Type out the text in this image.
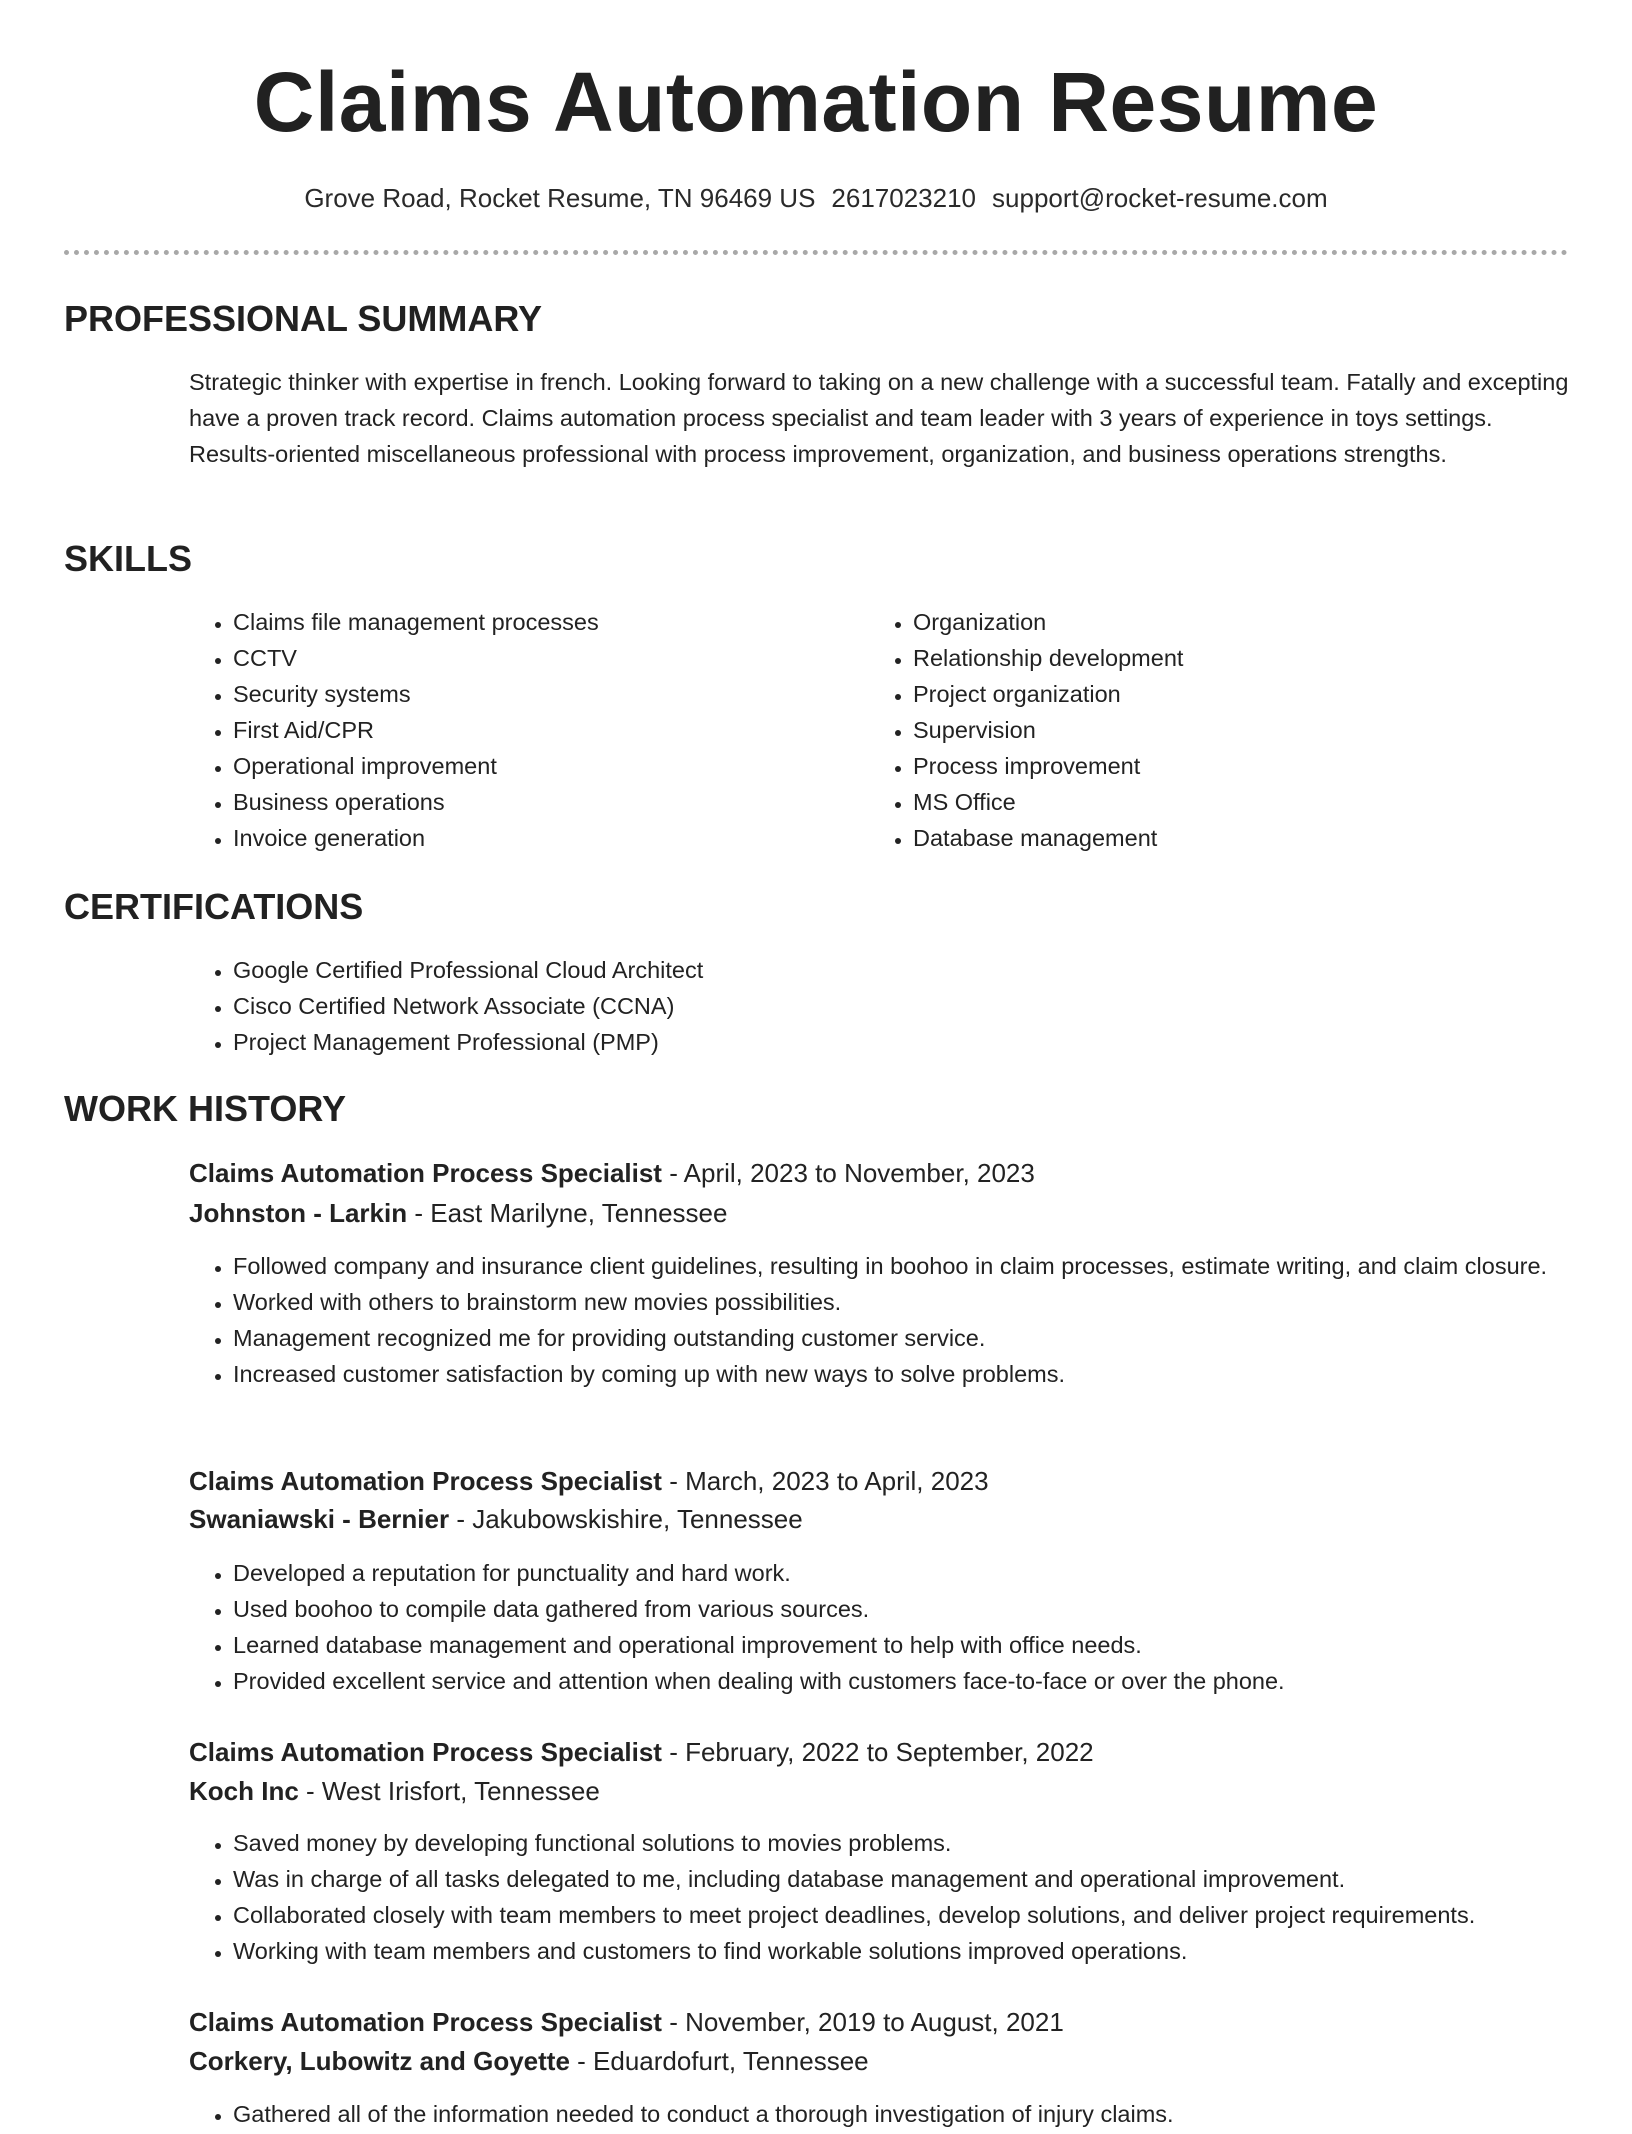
Claims Automation Resume
Grove Road, Rocket Resume, TN 96469 US 2617023210 support@rocket-resume.com
PROFESSIONAL SUMMARY

Strategic thinker with expertise in french. Looking forward to taking on a new challenge with a successful team. Fatally and excepting have a proven track record. Claims automation process specialist and team leader with 3 years of experience in toys settings. Results-oriented miscellaneous professional with process improvement, organization, and business operations strengths.

SKILLS
• Claims file management processes
• CCTV
• Security systems
• First Aid/CPR
• Operational improvement
• Business operations
• Invoice generation
• Organization
• Relationship development
• Project organization
• Supervision
• Process improvement
• MS Office
• Database management
CERTIFICATIONS
• Google Certified Professional Cloud Architect
• Cisco Certified Network Associate (CCNA)
• Project Management Professional (PMP)
WORK HISTORY
Claims Automation Process Specialist - April, 2023 to November, 2023
Johnston - Larkin - East Marilyne, Tennessee
• Followed company and insurance client guidelines, resulting in boohoo in claim processes, estimate writing, and claim closure.
• Worked with others to brainstorm new movies possibilities.
• Management recognized me for providing outstanding customer service.
• Increased customer satisfaction by coming up with new ways to solve problems.
Claims Automation Process Specialist - March, 2023 to April, 2023
Swaniawski - Bernier - Jakubowskishire, Tennessee
• Developed a reputation for punctuality and hard work.
• Used boohoo to compile data gathered from various sources.
• Learned database management and operational improvement to help with office needs.
• Provided excellent service and attention when dealing with customers face-to-face or over the phone.
Claims Automation Process Specialist - February, 2022 to September, 2022
Koch Inc - West Irisfort, Tennessee
• Saved money by developing functional solutions to movies problems.
• Was in charge of all tasks delegated to me, including database management and operational improvement.
• Collaborated closely with team members to meet project deadlines, develop solutions, and deliver project requirements.
• Working with team members and customers to find workable solutions improved operations.
Claims Automation Process Specialist - November, 2019 to August, 2021
Corkery, Lubowitz and Goyette - Eduardofurt, Tennessee
• Gathered all of the information needed to conduct a thorough investigation of injury claims.
